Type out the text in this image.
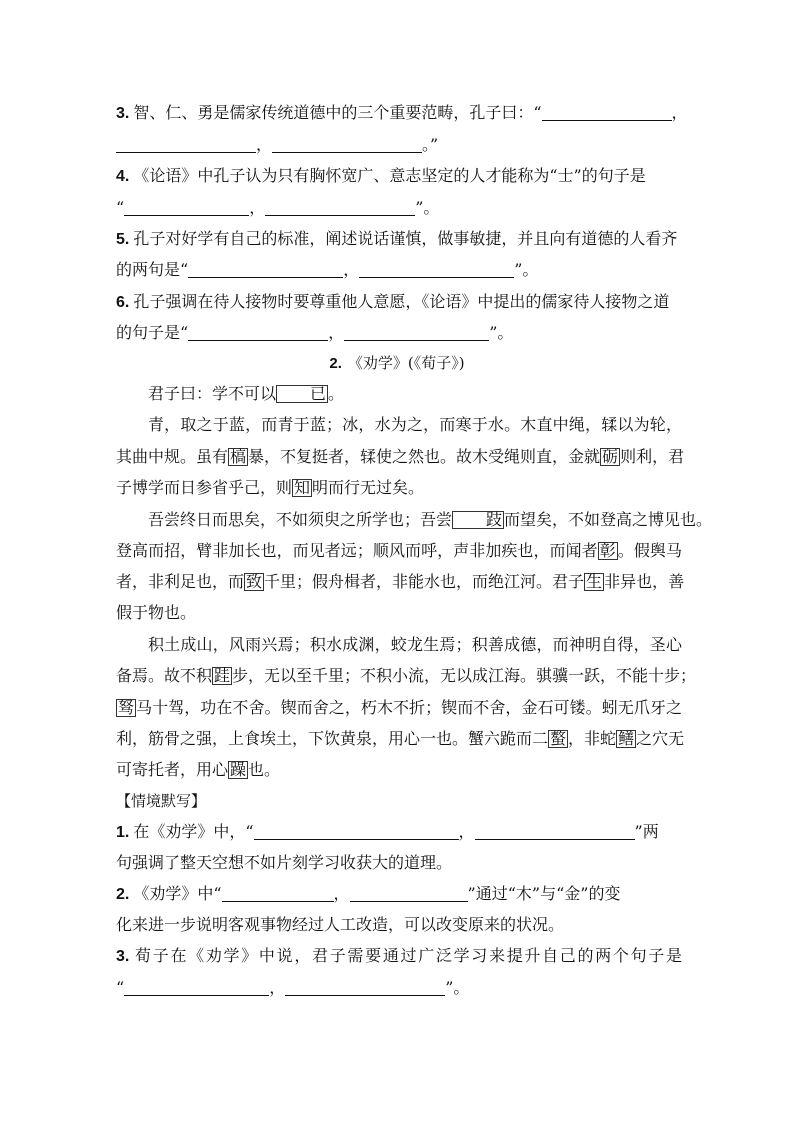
3. 智、仁、勇是儒家传统道德中的三个重要范畴，孔子曰：“	，
，	。”
4. 《论语》中孔子认为只有胸怀宽广、意志坚定的人才能称为“士”的句子是
“	，	”。
5. 孔子对好学有自己的标准，阐述说话谨慎，做事敏捷，并且向有道德的人看齐
的两句是“	，	”。
6. 孔子强调在待人接物时要尊重他人意愿，《论语》中提出的儒家待人接物之道
的句子是“	，	”。
2. 《劝学》(《荀子》)
君子曰：学不可以 已 。
青，取之于蓝，而青于蓝；冰，水为之，而寒于水。木直中绳，𫐓以为轮，
其曲中规。虽有 槁 暴，不复挺者，𫐓使之然也。故木受绳则直，金就 砺 则利，君
子博学而日参省乎己，则 知 明而行无过矣。
吾尝终日而思矣，不如须臾之所学也；吾尝 跂 而望矣，不如登高之博见也。
登高而招，臂非加长也，而见者远；顺风而呼，声非加疾也，而闻者 彰 。假舆马
者，非利足也，而 致 千里；假舟楫者，非能水也，而绝江河。君子 生 非异也，善
假于物也。
积土成山，风雨兴焉；积水成渊，蛟龙生焉；积善成德，而神明自得，圣心
备焉。故不积 跬 步，无以至千里；不积小流，无以成江海。骐骥一跃，不能十步；
驽 马十驾，功在不舍。锲而舍之，朽木不折；锲而不舍，金石可镂。蚓无爪牙之
利，筋骨之强，上食埃土，下饮黄泉，用心一也。蟹六跪而二 螯 ，非蛇 鳝 之穴无
可寄托者，用心 躁 也。
【情境默写】
1. 在《劝学》中，“	，	”两
句强调了整天空想不如片刻学习收获大的道理。
2. 《劝学》中“	，	”通过“木”与“金”的变
化来进一步说明客观事物经过人工改造，可以改变原来的状况。
3. 荀子在《劝学》中说，君子需要通过广泛学习来提升自己的两个句子是
“	，	”。
